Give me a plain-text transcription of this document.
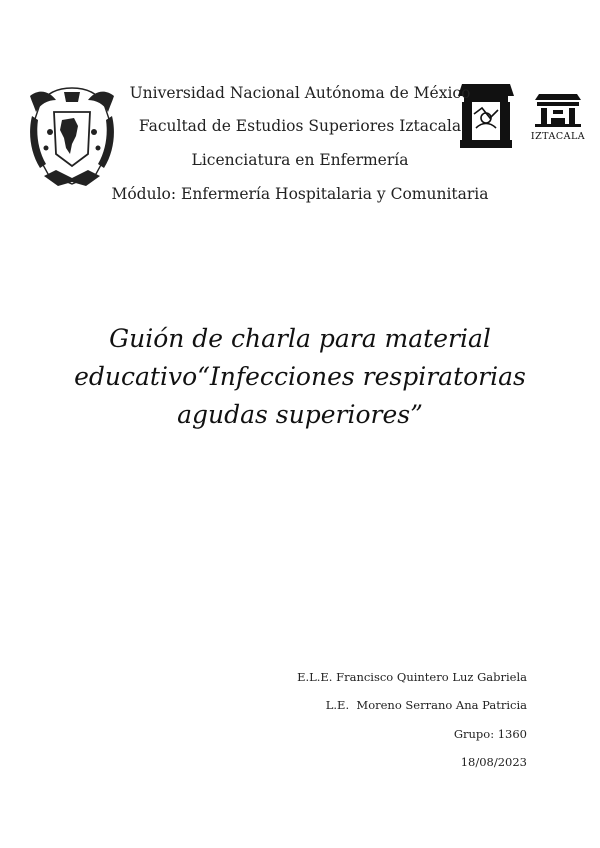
IZTACALA
Universidad Nacional Autónoma de México
Facultad de Estudios Superiores Iztacala
Licenciatura en Enfermería
Módulo: Enfermería Hospitalaria y Comunitaria
Guión de charla para material
educativo“Infecciones respiratorias
agudas superiores”
E.L.E. Francisco Quintero Luz Gabriela
L.E.  Moreno Serrano Ana Patricia
Grupo: 1360
18/08/2023
